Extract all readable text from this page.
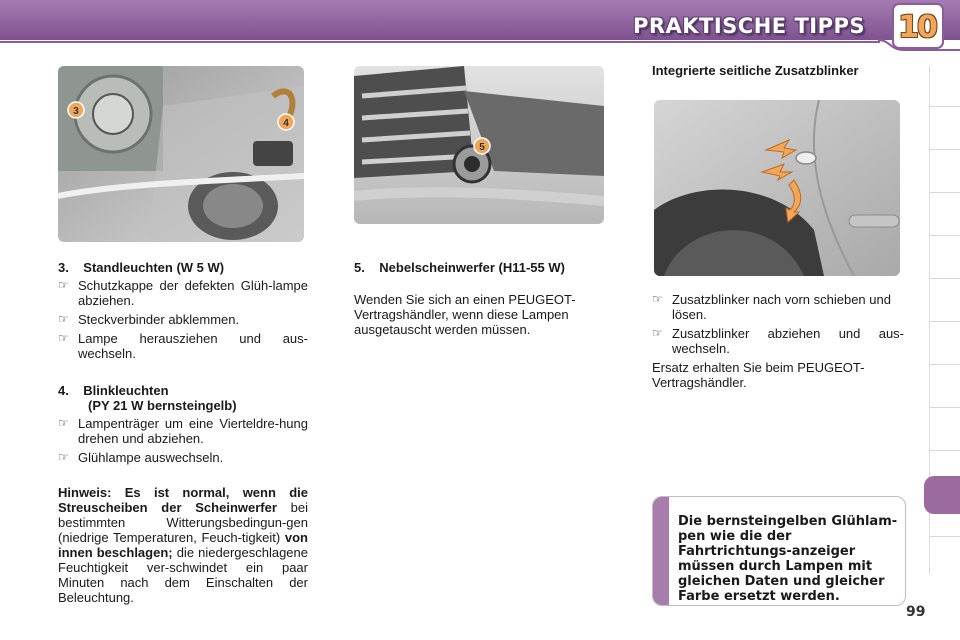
PRAKTISCHE TIPPS 10
3
4
5
3.    Standleuchten (W 5 W)
☞ Schutzkappe der defekten Glüh-lampe abziehen.
☞ Steckverbinder abklemmen.
☞ Lampe herausziehen und aus-wechseln.
4.    Blinkleuchten
(PY 21 W bernsteingelb)
☞ Lampenträger um eine Vierteldre-hung drehen und abziehen.
☞ Glühlampe auswechseln.
Hinweis: Es ist normal, wenn die Streuscheiben der Scheinwerfer bei bestimmten Witterungsbedingun-gen (niedrige Temperaturen, Feuch-tigkeit) von innen beschlagen; die niedergeschlagene Feuchtigkeit ver-schwindet ein paar Minuten nach dem Einschalten der Beleuchtung.
5.    Nebelscheinwerfer (H11-55 W)
Wenden Sie sich an einen PEUGEOT-Vertragshändler, wenn diese Lampen ausgetauscht werden müssen.
Integrierte seitliche Zusatzblinker
☞ Zusatzblinker nach vorn schieben und lösen.
☞ Zusatzblinker abziehen und aus-wechseln.
Ersatz erhalten Sie beim PEUGEOT-Vertragshändler.
Die bernsteingelben Glühlam-pen wie die der Fahrtrichtungs-anzeiger müssen durch Lampen mit gleichen Daten und gleicher Farbe ersetzt werden.
99
